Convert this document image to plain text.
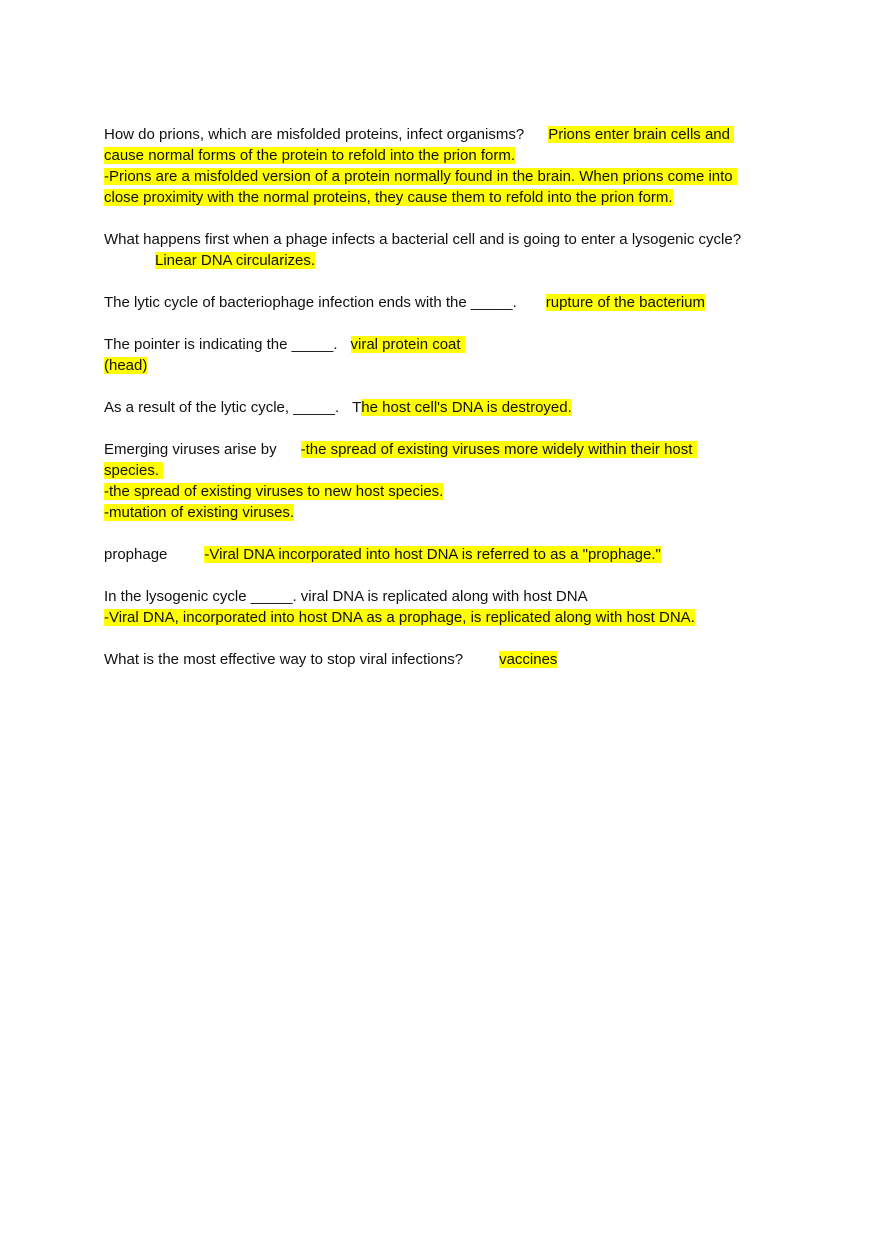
How do prions, which are misfolded proteins, infect organisms? Prions enter brain cells and
cause normal forms of the protein to refold into the prion form.
-Prions are a misfolded version of a protein normally found in the brain. When prions come into
close proximity with the normal proteins, they cause them to refold into the prion form.
What happens first when a phage infects a bacterial cell and is going to enter a lysogenic cycle?
Linear DNA circularizes.
The lytic cycle of bacteriophage infection ends with the _____. rupture of the bacterium
The pointer is indicating the _____. viral protein coat
(head)
As a result of the lytic cycle, _____. The host cell's DNA is destroyed.
Emerging viruses arise by -the spread of existing viruses more widely within their host
species.
-the spread of existing viruses to new host species.
-mutation of existing viruses.
prophage -Viral DNA incorporated into host DNA is referred to as a "prophage."
In the lysogenic cycle _____. viral DNA is replicated along with host DNA
-Viral DNA, incorporated into host DNA as a prophage, is replicated along with host DNA.
What is the most effective way to stop viral infections? vaccines
